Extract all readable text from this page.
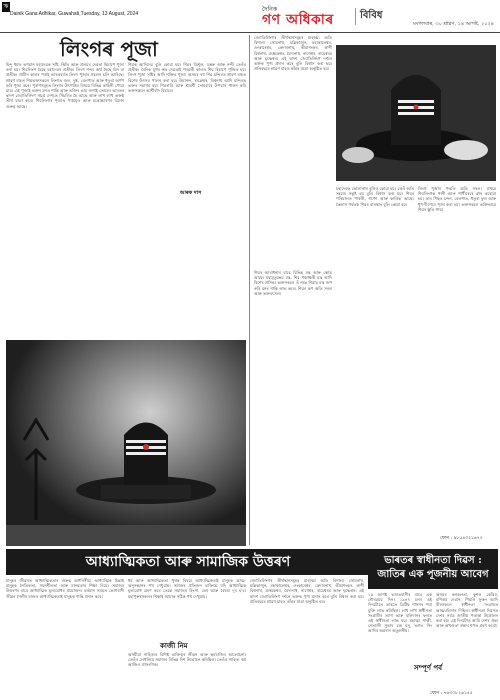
ঋ
Dainik Gana Adhikar, Guwahati,Tuesday, 13 August, 2024
দৈনিক
গণ অধিকাৰ	বিবিধ
মংগলবাৰ, ৩০ শ্ৰাৱণ, ১৪ আগষ্ট, ২০২৪
লিংগৰ পূজা

হিন্দু ধৰ্মত ভগৱান মহাদেৱক সৃষ্টি, স্থিতি আৰু প্ৰলয়ৰ দেৱতা হিচাপে পূজা কৰা হয়। শিৱলিংগ হৈছে মহাদেৱৰ প্ৰতীক। লিংগ শব্দৰ অৰ্থ হৈছে চিন বা প্ৰতীক। প্ৰাচীন কালৰ পৰাই ভাৰতবৰ্ষত লিংগ পূজাৰ প্ৰচলন চলি আহিছে। শ্ৰাৱণ মাহত শিৱভক্তসকলে লিংগত জল, দুগ্ধ, বেলপাত আৰু ধতুৰা অৰ্পণ কৰি পূজা কৰে। পুৰাণসমূহত লিংগৰ উৎপত্তিৰ বিষয়ে বিভিন্ন কাহিনী পোৱা যায়। এই পূজাই ভক্তৰ মনত শান্তি আৰু ভক্তিৰ ভাৱ জগাই তোলে। ভাৰতৰ দ্বাদশ জ্যোতিৰ্লিংগ সমগ্ৰ দেশতে সিঁচৰিত হৈ আছে আৰু লাখ লাখ ভক্তই তীৰ্থ যাত্ৰা কৰে। শিৱলিংগৰ পূজাত পঞ্চামৃত আৰু মন্ত্ৰোচ্চাৰণৰ বিশেষ গুৰুত্ব আছে।

শিৱক আদিদেৱ বুলি কোৱা হয়। শিৱৰ ত্ৰিশূল, ডম্বৰু আৰু নন্দী তেওঁৰ প্ৰতীক। বৈদিক যুগৰ ৰুদ্ৰ দেৱতাই পৰৱৰ্তী কালত শিৱ হিচাপে পূজিত হয়। লিংগ পূজা সৃষ্টিৰ আদি শক্তিৰ পূজা। অসমৰ বহু শিৱ মন্দিৰত শ্ৰাৱণ মাহত বিশেষ উৎসৱ পালন কৰা হয়। উমানন্দ, শুক্লেশ্বৰ, বিশ্বনাথ আদি মন্দিৰত ভক্তৰ সমাগম হয়। শিৱৰাত্ৰি আৰু শ্ৰাৱণী সোমবাৰে উপবাস পালন কৰি ভক্তসকলে আশীৰ্বাদ বিচাৰে।

আৰক দাস

জ্যোতিৰ্লিংগৰ তীৰ্থস্থানসমূহৰ মাহাত্ম্য অতি বিশাল। সোমনাথ, মল্লিকাৰ্জুন, মহাকালেশ্বৰ, ওংকাৰেশ্বৰ, কেদাৰনাথ, ভীমাশংকৰ, কাশী বিশ্বনাথ, ত্ৰ্যম্বকেশ্বৰ, বৈদ্যনাথ, নাগেশ্বৰ, ৰামেশ্বৰম আৰু ঘৃষ্ণেশ্বৰ। এই দ্বাদশ জ্যোতিৰ্লিংগ দৰ্শনে ভক্তক পুণ্য প্ৰদান কৰে বুলি বিশ্বাস কৰা হয়। প্ৰতিবছৰে শ্ৰাৱণ মাহত কাঁৱৰ যাত্ৰা অনুষ্ঠিত হয়।

শিৱৰ আৰাধনাৰ বাবে বিভিন্ন মন্ত্ৰ আৰু স্তোত্ৰ আছে। মহামৃত্যুঞ্জয় মন্ত্ৰ, শিৱ পঞ্চাক্ষৰী মন্ত্ৰ আদি বিশেষ প্ৰসিদ্ধ। ভক্তসকলে ওঁ নমঃ শিৱায় মন্ত্ৰ জপ কৰি মনৰ শান্তি লাভ কৰে। শিৱৰ ৰূপ অতি সৰল আৰু ভক্তবৎসল।

মহাদেৱক ভোলানাথ বুলিও কোৱা হয়। তেওঁ অতি সহজে সন্তুষ্ট হয় বুলি বিশ্বাস কৰা হয়। শিৱৰ পৰিয়ালত পাৰ্বতী, গণেশ আৰু কাৰ্তিক আছে। কৈলাস পৰ্বতক শিৱৰ বাসস্থান বুলি কোৱা হয়।

লিংগ পূজাৰ পদ্ধতি অতি সৰল। প্ৰথমে শিৱলিংগক পানী আৰু গাখীৰেৰে স্নান কৰোৱা হয়। তাৰ পিছত চন্দন, বেলপাত, ধতুৰা ফুল আৰু ধূপ-দীপেৰে পূজা কৰা হয়। ভক্তসকলে ভক্তিভাৱে শিৱৰ স্তুতি গায়।

ফোন : ৯৮৫৪৩২১৬৭০
আধ্যাত্মিকতা আৰু সামাজিক উত্তৰণ

মানুহৰ জীৱনত আধ্যাত্মিকতাৰ গুৰুত্ব অপৰিসীম। আধ্যাত্মিক চিন্তাই মানুহক নৈতিকতা, সহনশীলতা আৰু মানৱতাৰ শিক্ষা দিয়ে। সমাজৰ উত্তৰণৰ বাবে আধ্যাত্মিক মূল্যবোধৰ প্ৰয়োজন। বৰ্তমান সময়ত ভোগবাদী জীৱন শৈলীৰ মাজত আধ্যাত্মিকতাই মানুহক শান্তি প্ৰদান কৰে।

ধৰ্ম আৰু আধ্যাত্মিকতা পৃথক বিষয়। আধ্যাত্মিকতাই মানুহক আত্ম-অনুসন্ধানৰ পথ দেখুৱায়। সমাজৰ প্ৰতিজন ব্যক্তিয়ে যদি আধ্যাত্মিক মূল্যবোধ গ্ৰহণ কৰে তেন্তে সমাজত হিংসা, দ্বেষ আৰু বৈষম্য দূৰ হ'ব। মহাপুৰুষসকলৰ শিক্ষাই আমাক সঠিক পথ দেখুৱায়।

কাজী নিম

অসমীয়া সাহিত্যৰ বিশিষ্ট ব্যক্তিত্বৰ জীৱন আৰু কৰ্মৰাজিৰ আলোচনা। তেওঁৰ লেখনিয়ে সমাজৰ বিভিন্ন দিশ উন্মোচন কৰিছিল। তেওঁৰ সাহিত্য কৰ্ম আজিও প্ৰাসংগিক।

জ্যোতিৰ্লিংগৰ তীৰ্থস্থানসমূহৰ মাহাত্ম্য অতি বিশাল। সোমনাথ, মল্লিকাৰ্জুন, মহাকালেশ্বৰ, ওংকাৰেশ্বৰ, কেদাৰনাথ, ভীমাশংকৰ, কাশী বিশ্বনাথ, ত্ৰ্যম্বকেশ্বৰ, বৈদ্যনাথ, নাগেশ্বৰ, ৰামেশ্বৰম আৰু ঘৃষ্ণেশ্বৰ। এই দ্বাদশ জ্যোতিৰ্লিংগ দৰ্শনে ভক্তক পুণ্য প্ৰদান কৰে বুলি বিশ্বাস কৰা হয়। প্ৰতিবছৰে শ্ৰাৱণ মাহত কাঁৱৰ যাত্ৰা অনুষ্ঠিত হয়।

ভাৰতৰ স্বাধীনতা দিৱস :
জাতিৰ এক পূজনীয় আবেগ

১৫ আগষ্ট ভাৰতবাসীৰ বাবে এক গৌৰৱময় দিন। ১৯৪৭ চনৰ এই দিনটোতে ভাৰতে ব্ৰিটিছ শাসনৰ পৰা মুক্তি লাভ কৰিছিল। লাখ লাখ স্বাধীনতা সংগ্ৰামীৰ ত্যাগ আৰু বলিদানৰ ফলত এই স্বাধীনতা লাভ হয়। মহাত্মা গান্ধী, নেতাজী সুভাষ চন্দ্ৰ বসু, ভগত সিং আদিৰ অৱদান অতুলনীয়।

অসমৰ কনকলতা, কুশল কোঁৱৰ, মণিৰাম দেৱান, পিয়লি ফুকন আদি বীৰসকলে স্বাধীনতা সংগ্ৰামত আত্মবলিদান দিছিল। স্বাধীনতা দিৱসত দেশৰ সৰ্বত্ৰ জাতীয় পতাকা উত্তোলন কৰা হয়। এই দিনটোত আমি দেশৰ ঐক্য আৰু অখণ্ডতা ৰক্ষাৰ শপত গ্ৰহণ কৰো।

সম্পূৰ্ণ পৰ্ব
ফোন : ৭৬৩০৮২৬১৫৫
